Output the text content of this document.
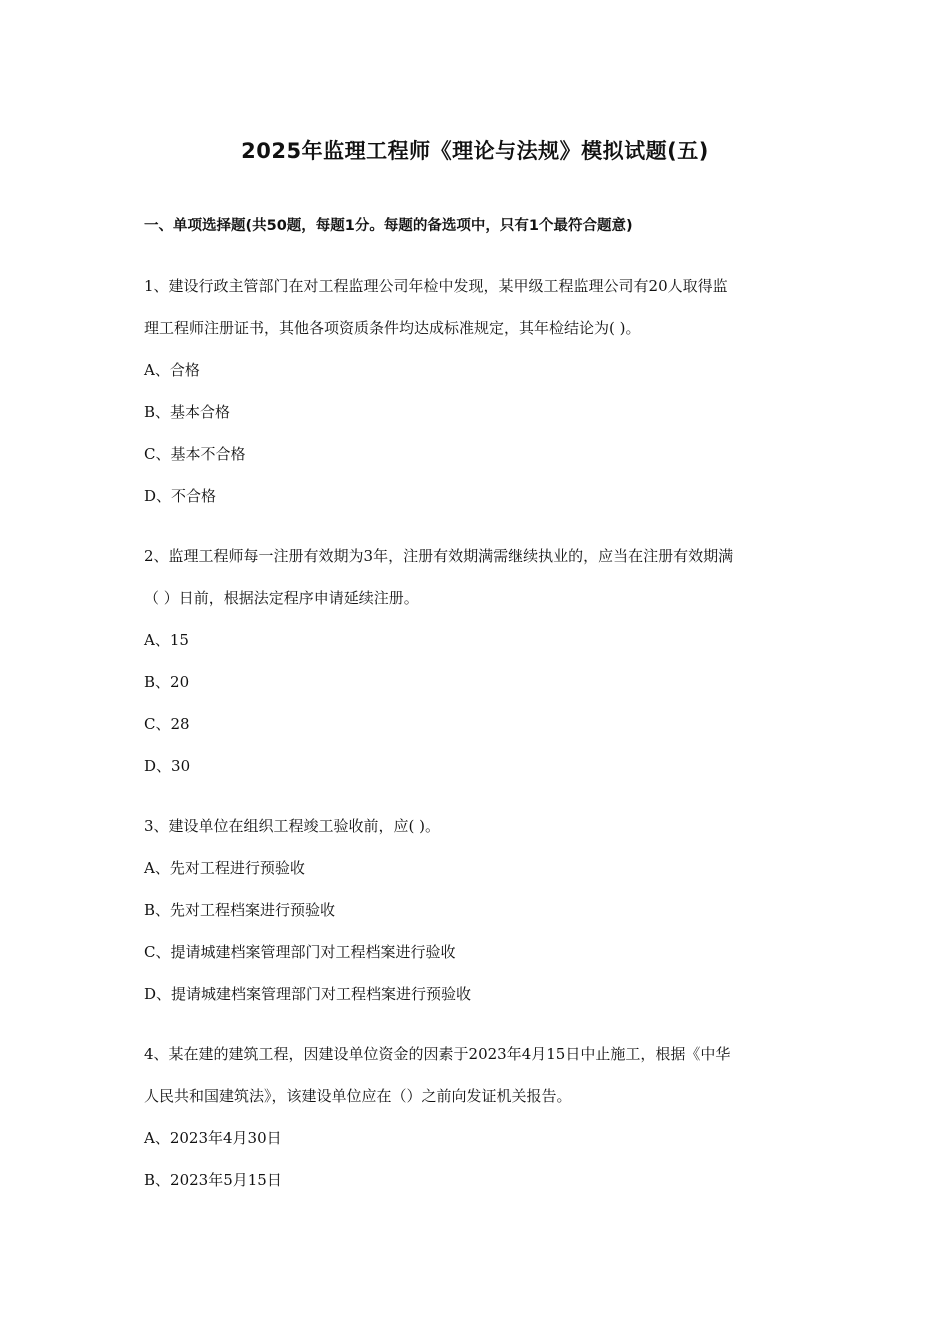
2025年监理工程师《理论与法规》模拟试题(五)
一、单项选择题(共50题，每题1分。每题的备选项中，只有1个最符合题意)
1、建设行政主管部门在对工程监理公司年检中发现，某甲级工程监理公司有20人取得监
理工程师注册证书，其他各项资质条件均达成标准规定，其年检结论为( )。
A、合格
B、基本合格
C、基本不合格
D、不合格
2、监理工程师每一注册有效期为3年，注册有效期满需继续执业的，应当在注册有效期满
（ ）日前，根据法定程序申请延续注册。
A、15
B、20
C、28
D、30
3、建设单位在组织工程竣工验收前，应( )。
A、先对工程进行预验收
B、先对工程档案进行预验收
C、提请城建档案管理部门对工程档案进行验收
D、提请城建档案管理部门对工程档案进行预验收
4、某在建的建筑工程，因建设单位资金的因素于2023年4月15日中止施工，根据《中华
人民共和国建筑法》，该建设单位应在（）之前向发证机关报告。
A、2023年4月30日
B、2023年5月15日
